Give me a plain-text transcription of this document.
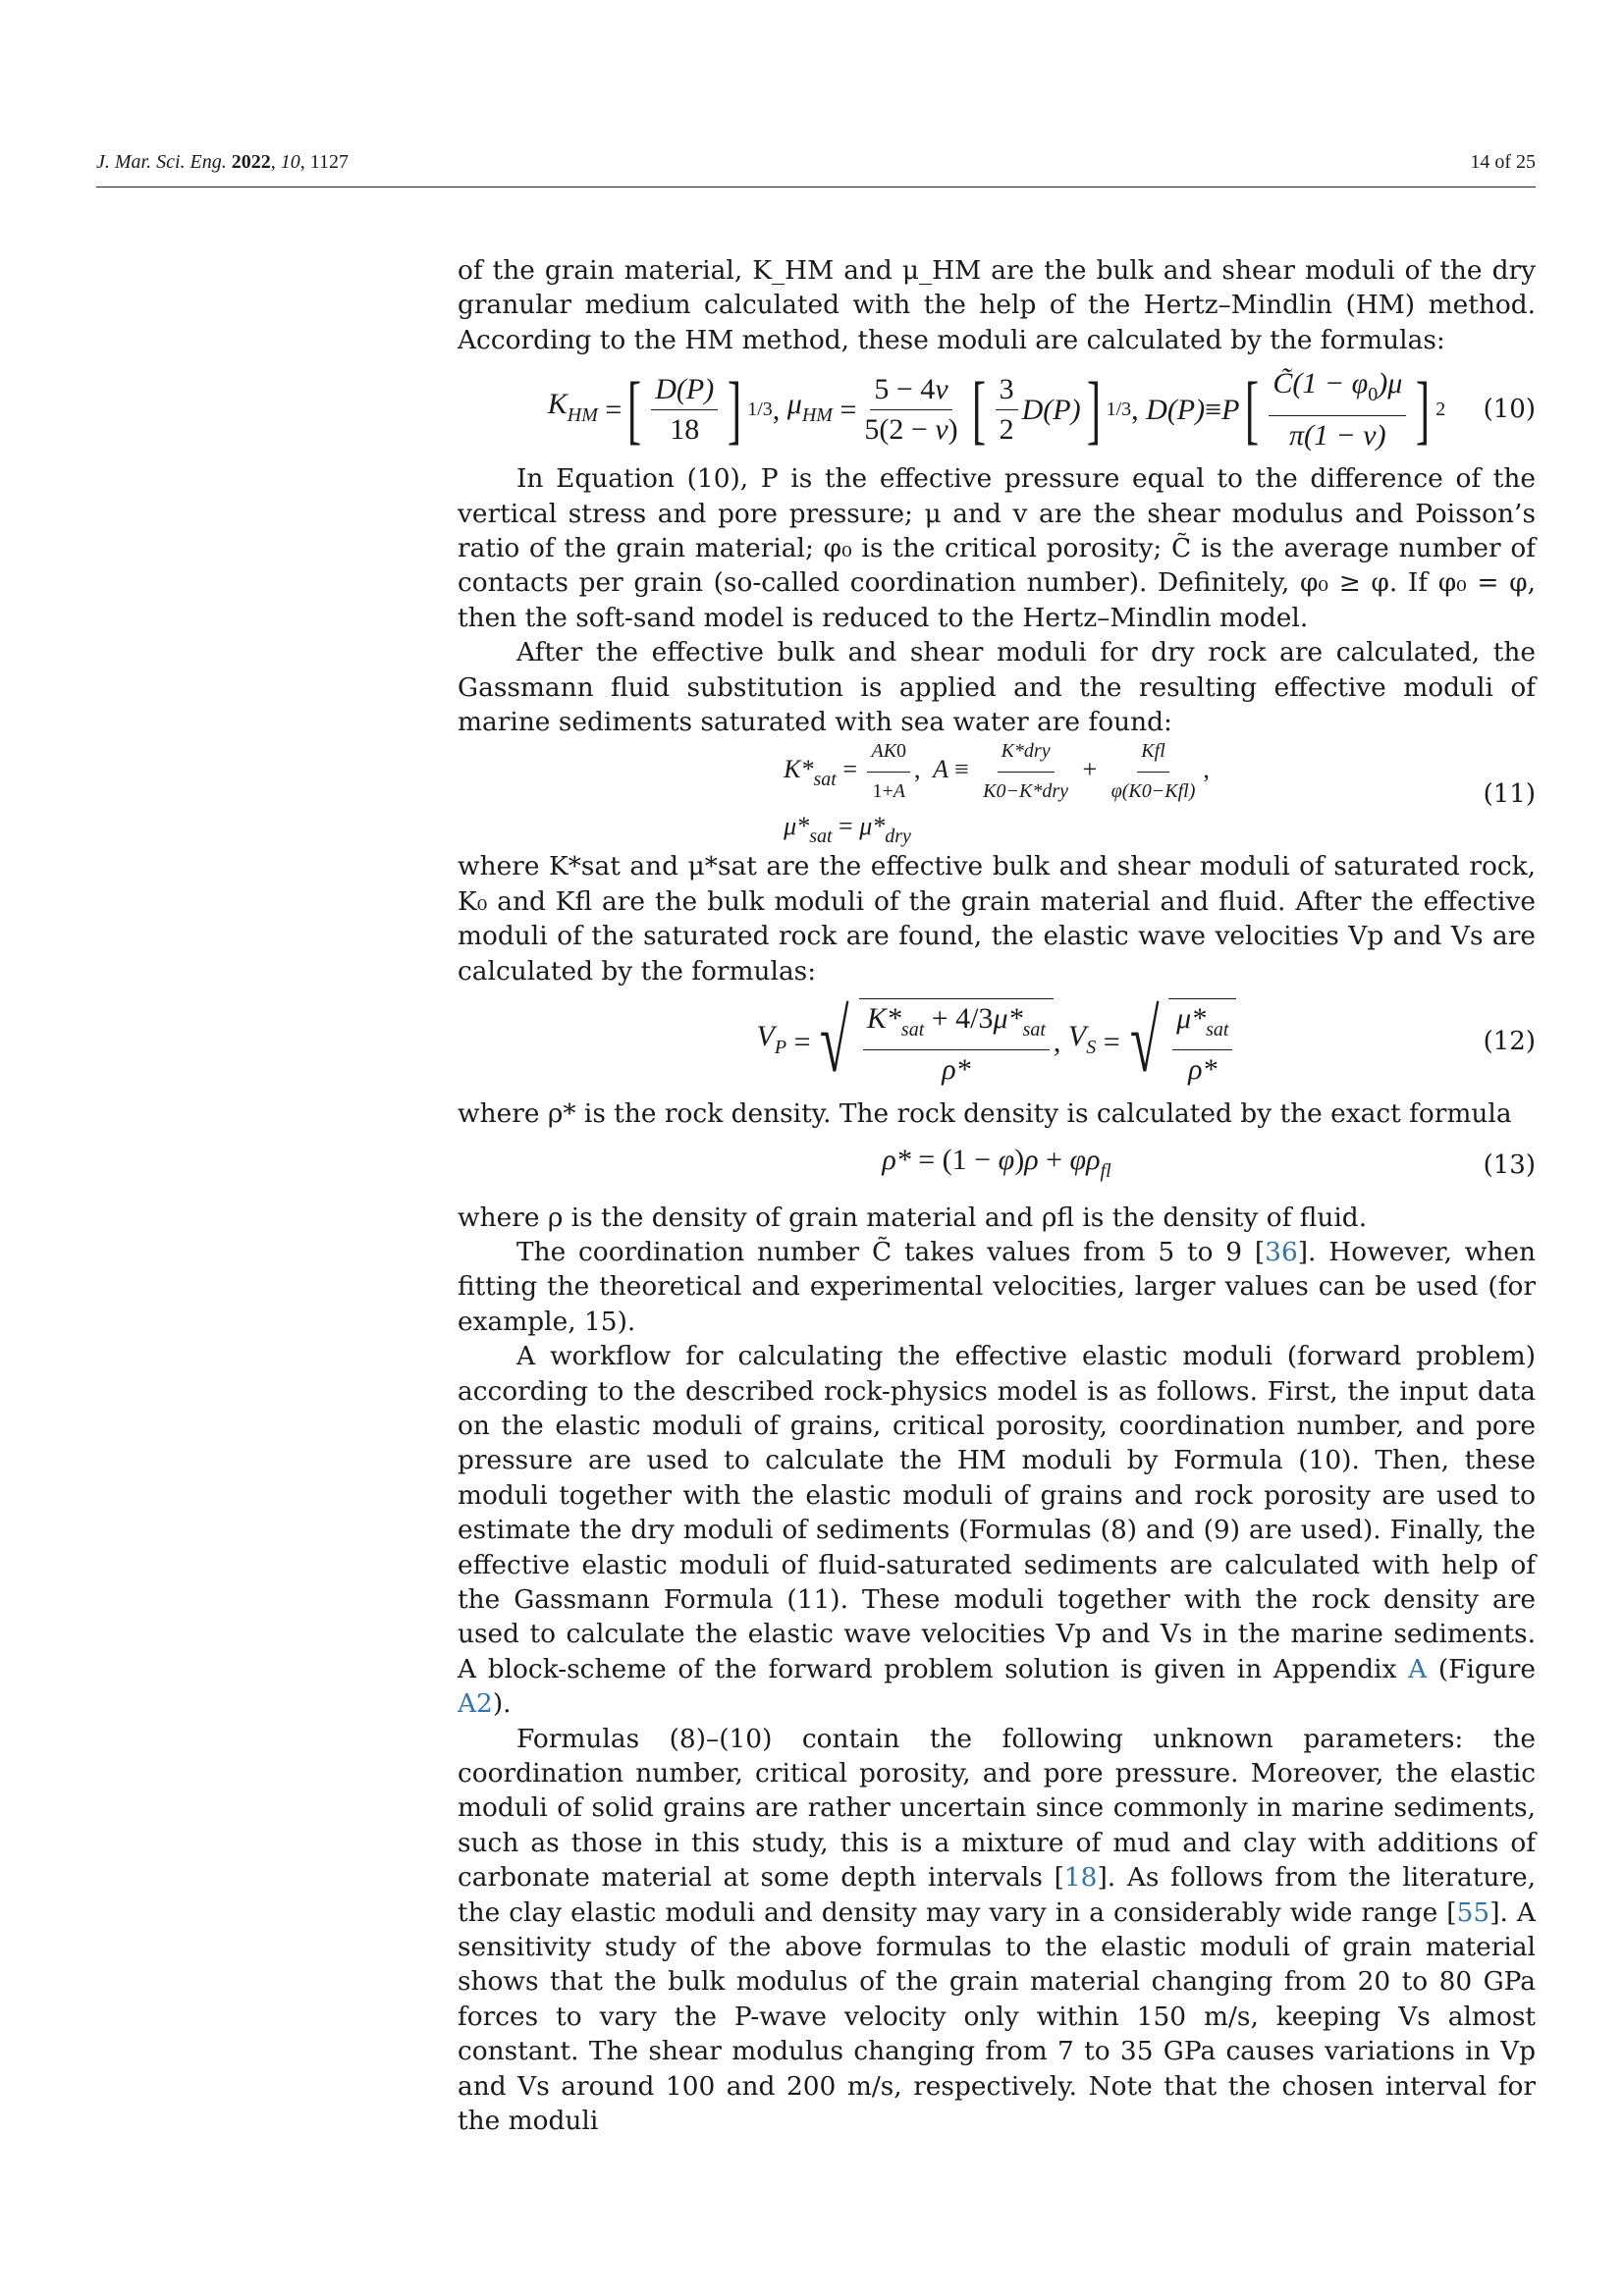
J. Mar. Sci. Eng. 2022, 10, 1127	14 of 25

of the grain material, K_HM and μ_HM are the bulk and shear moduli of the dry granular medium calculated with the help of the Hertz–Mindlin (HM) method. According to the HM method, these moduli are calculated by the formulas:

$K_{HM}$
= [ $\frac{D(P)}{18}$ ] 1/3 ,
$\mu_{HM}$
= $\frac{5 - 4\nu}{5(2 - \nu)}$ [ $\frac{3}{2} D(P)$ ] 1/3 , D(P) ≡ P [ $\frac{C̃(1 - \varphi_0)\mu}{\pi(1 - \nu)}$ ] 2 (10)

In Equation (10), P is the effective pressure equal to the difference of the vertical stress and pore pressure; μ and v are the shear modulus and Poisson’s ratio of the grain material; φ₀ is the critical porosity; C̃ is the average number of contacts per grain (so-called coordination number). Definitely, φ₀ ≥ φ. If φ₀ = φ, then the soft-sand model is reduced to the Hertz–Mindlin model.

After the effective bulk and shear moduli for dry rock are calculated, the Gassmann fluid substitution is applied and the resulting effective moduli of marine sediments saturated with sea water are found:

$K*_{sat} = \frac{AK0}{1+A}$ ,  $A \equiv \frac{\text{K*dry}}{\text{K0−K*dry}} + \frac{\text{Kfl}}{\text{φ(K0−Kfl)}}$ ,
$\mu*_{sat} = \mu*_{dry}$
(11)

where K*sat and μ*sat are the effective bulk and shear moduli of saturated rock, K₀ and Kfl are the bulk moduli of the grain material and fluid. After the effective moduli of the saturated rock are found, the elastic wave velocities Vp and Vs are calculated by the formulas:

$V_P$
= √ $\frac{K*_{sat} + 4/3\mu*_{sat}}{\rho*}$ ,
$V_S$
= √ $\frac{\mu*_{sat}}{\rho*}$	(12)

where ρ* is the rock density. The rock density is calculated by the exact formula

$\rho* = (1 - \varphi)\rho + \varphi\rho_{fl}$	(13)

where ρ is the density of grain material and ρfl is the density of fluid.

The coordination number C̃ takes values from 5 to 9 [36]. However, when fitting the theoretical and experimental velocities, larger values can be used (for example, 15).

A workflow for calculating the effective elastic moduli (forward problem) according to the described rock-physics model is as follows. First, the input data on the elastic moduli of grains, critical porosity, coordination number, and pore pressure are used to calculate the HM moduli by Formula (10). Then, these moduli together with the elastic moduli of grains and rock porosity are used to estimate the dry moduli of sediments (Formulas (8) and (9) are used). Finally, the effective elastic moduli of fluid-saturated sediments are calculated with help of the Gassmann Formula (11). These moduli together with the rock density are used to calculate the elastic wave velocities Vp and Vs in the marine sediments. A block-scheme of the forward problem solution is given in Appendix A (Figure A2).

Formulas (8)–(10) contain the following unknown parameters: the coordination number, critical porosity, and pore pressure. Moreover, the elastic moduli of solid grains are rather uncertain since commonly in marine sediments, such as those in this study, this is a mixture of mud and clay with additions of carbonate material at some depth intervals [18]. As follows from the literature, the clay elastic moduli and density may vary in a considerably wide range [55]. A sensitivity study of the above formulas to the elastic moduli of grain material shows that the bulk modulus of the grain material changing from 20 to 80 GPa forces to vary the P-wave velocity only within 150 m/s, keeping Vs almost constant. The shear modulus changing from 7 to 35 GPa causes variations in Vp and Vs around 100 and 200 m/s, respectively. Note that the chosen interval for the moduli
